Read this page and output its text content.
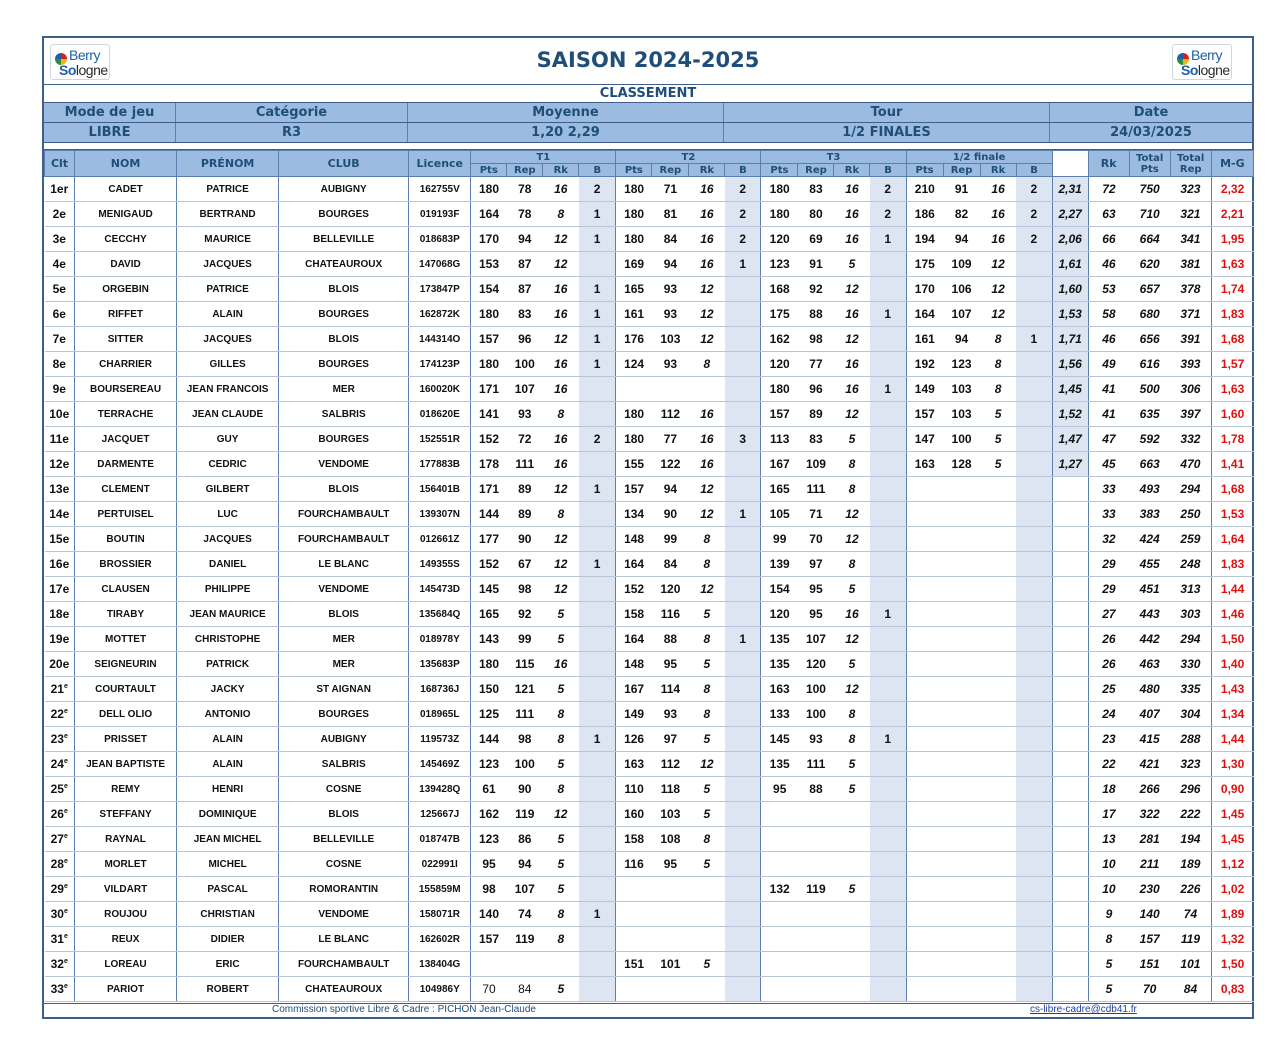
Berry
Sologne	SAISON 2024-2025	Berry
Sologne
CLASSEMENT
Mode de jeu	Catégorie	Moyenne	Tour	Date
LIBRE	R3	1,20 2,29	1/2 FINALES	24/03/2025
Clt	NOM	PRÉNOM	CLUB	Licence	T1				T2				T3				1/2 finale					Rk	Total Pts	Total Rep	M-G
					Pts	Rep	Rk	B	Pts	Rep	Rk	B	Pts	Rep	Rk	B	Pts	Rep	Rk	B					
1er	CADET	PATRICE	AUBIGNY	162755V	180	78	16	2	180	71	16	2	180	83	16	2	210	91	16	2	2,31	72	750	323	2,32
2e	MENIGAUD	BERTRAND	BOURGES	019193F	164	78	8	1	180	81	16	2	180	80	16	2	186	82	16	2	2,27	63	710	321	2,21
3e	CECCHY	MAURICE	BELLEVILLE	018683P	170	94	12	1	180	84	16	2	120	69	16	1	194	94	16	2	2,06	66	664	341	1,95
4e	DAVID	JACQUES	CHATEAUROUX	147068G	153	87	12		169	94	16	1	123	91	5		175	109	12		1,61	46	620	381	1,63
5e	ORGEBIN	PATRICE	BLOIS	173847P	154	87	16	1	165	93	12		168	92	12		170	106	12		1,60	53	657	378	1,74
6e	RIFFET	ALAIN	BOURGES	162872K	180	83	16	1	161	93	12		175	88	16	1	164	107	12		1,53	58	680	371	1,83
7e	SITTER	JACQUES	BLOIS	144314O	157	96	12	1	176	103	12		162	98	12		161	94	8	1	1,71	46	656	391	1,68
8e	CHARRIER	GILLES	BOURGES	174123P	180	100	16	1	124	93	8		120	77	16		192	123	8		1,56	49	616	393	1,57
9e	BOURSEREAU	JEAN FRANCOIS	MER	160020K	171	107	16						180	96	16	1	149	103	8		1,45	41	500	306	1,63
10e	TERRACHE	JEAN CLAUDE	SALBRIS	018620E	141	93	8		180	112	16		157	89	12		157	103	5		1,52	41	635	397	1,60
11e	JACQUET	GUY	BOURGES	152551R	152	72	16	2	180	77	16	3	113	83	5		147	100	5		1,47	47	592	332	1,78
12e	DARMENTE	CEDRIC	VENDOME	177883B	178	111	16		155	122	16		167	109	8		163	128	5		1,27	45	663	470	1,41
13e	CLEMENT	GILBERT	BLOIS	156401B	171	89	12	1	157	94	12		165	111	8							33	493	294	1,68
14e	PERTUISEL	LUC	FOURCHAMBAULT	139307N	144	89	8		134	90	12	1	105	71	12							33	383	250	1,53
15e	BOUTIN	JACQUES	FOURCHAMBAULT	012661Z	177	90	12		148	99	8		99	70	12							32	424	259	1,64
16e	BROSSIER	DANIEL	LE BLANC	149355S	152	67	12	1	164	84	8		139	97	8							29	455	248	1,83
17e	CLAUSEN	PHILIPPE	VENDOME	145473D	145	98	12		152	120	12		154	95	5							29	451	313	1,44
18e	TIRABY	JEAN MAURICE	BLOIS	135684Q	165	92	5		158	116	5		120	95	16	1						27	443	303	1,46
19e	MOTTET	CHRISTOPHE	MER	018978Y	143	99	5		164	88	8	1	135	107	12							26	442	294	1,50
20e	SEIGNEURIN	PATRICK	MER	135683P	180	115	16		148	95	5		135	120	5							26	463	330	1,40
21e	COURTAULT	JACKY	ST AIGNAN	168736J	150	121	5		167	114	8		163	100	12							25	480	335	1,43
22e	DELL OLIO	ANTONIO	BOURGES	018965L	125	111	8		149	93	8		133	100	8							24	407	304	1,34
23e	PRISSET	ALAIN	AUBIGNY	119573Z	144	98	8	1	126	97	5		145	93	8	1						23	415	288	1,44
24e	JEAN BAPTISTE	ALAIN	SALBRIS	145469Z	123	100	5		163	112	12		135	111	5							22	421	323	1,30
25e	REMY	HENRI	COSNE	139428Q	61	90	8		110	118	5		95	88	5							18	266	296	0,90
26e	STEFFANY	DOMINIQUE	BLOIS	125667J	162	119	12		160	103	5											17	322	222	1,45
27e	RAYNAL	JEAN MICHEL	BELLEVILLE	018747B	123	86	5		158	108	8											13	281	194	1,45
28e	MORLET	MICHEL	COSNE	022991I	95	94	5		116	95	5											10	211	189	1,12
29e	VILDART	PASCAL	ROMORANTIN	155859M	98	107	5						132	119	5							10	230	226	1,02
30e	ROUJOU	CHRISTIAN	VENDOME	158071R	140	74	8	1														9	140	74	1,89
31e	REUX	DIDIER	LE BLANC	162602R	157	119	8															8	157	119	1,32
32e	LOREAU	ERIC	FOURCHAMBAULT	138404G					151	101	5											5	151	101	1,50
33e	PARIOT	ROBERT	CHATEAUROUX	104986Y	70	84	5															5	70	84	0,83
Commission sportive Libre & Cadre : PICHON Jean-Claude	cs-libre-cadre@cdb41.fr
